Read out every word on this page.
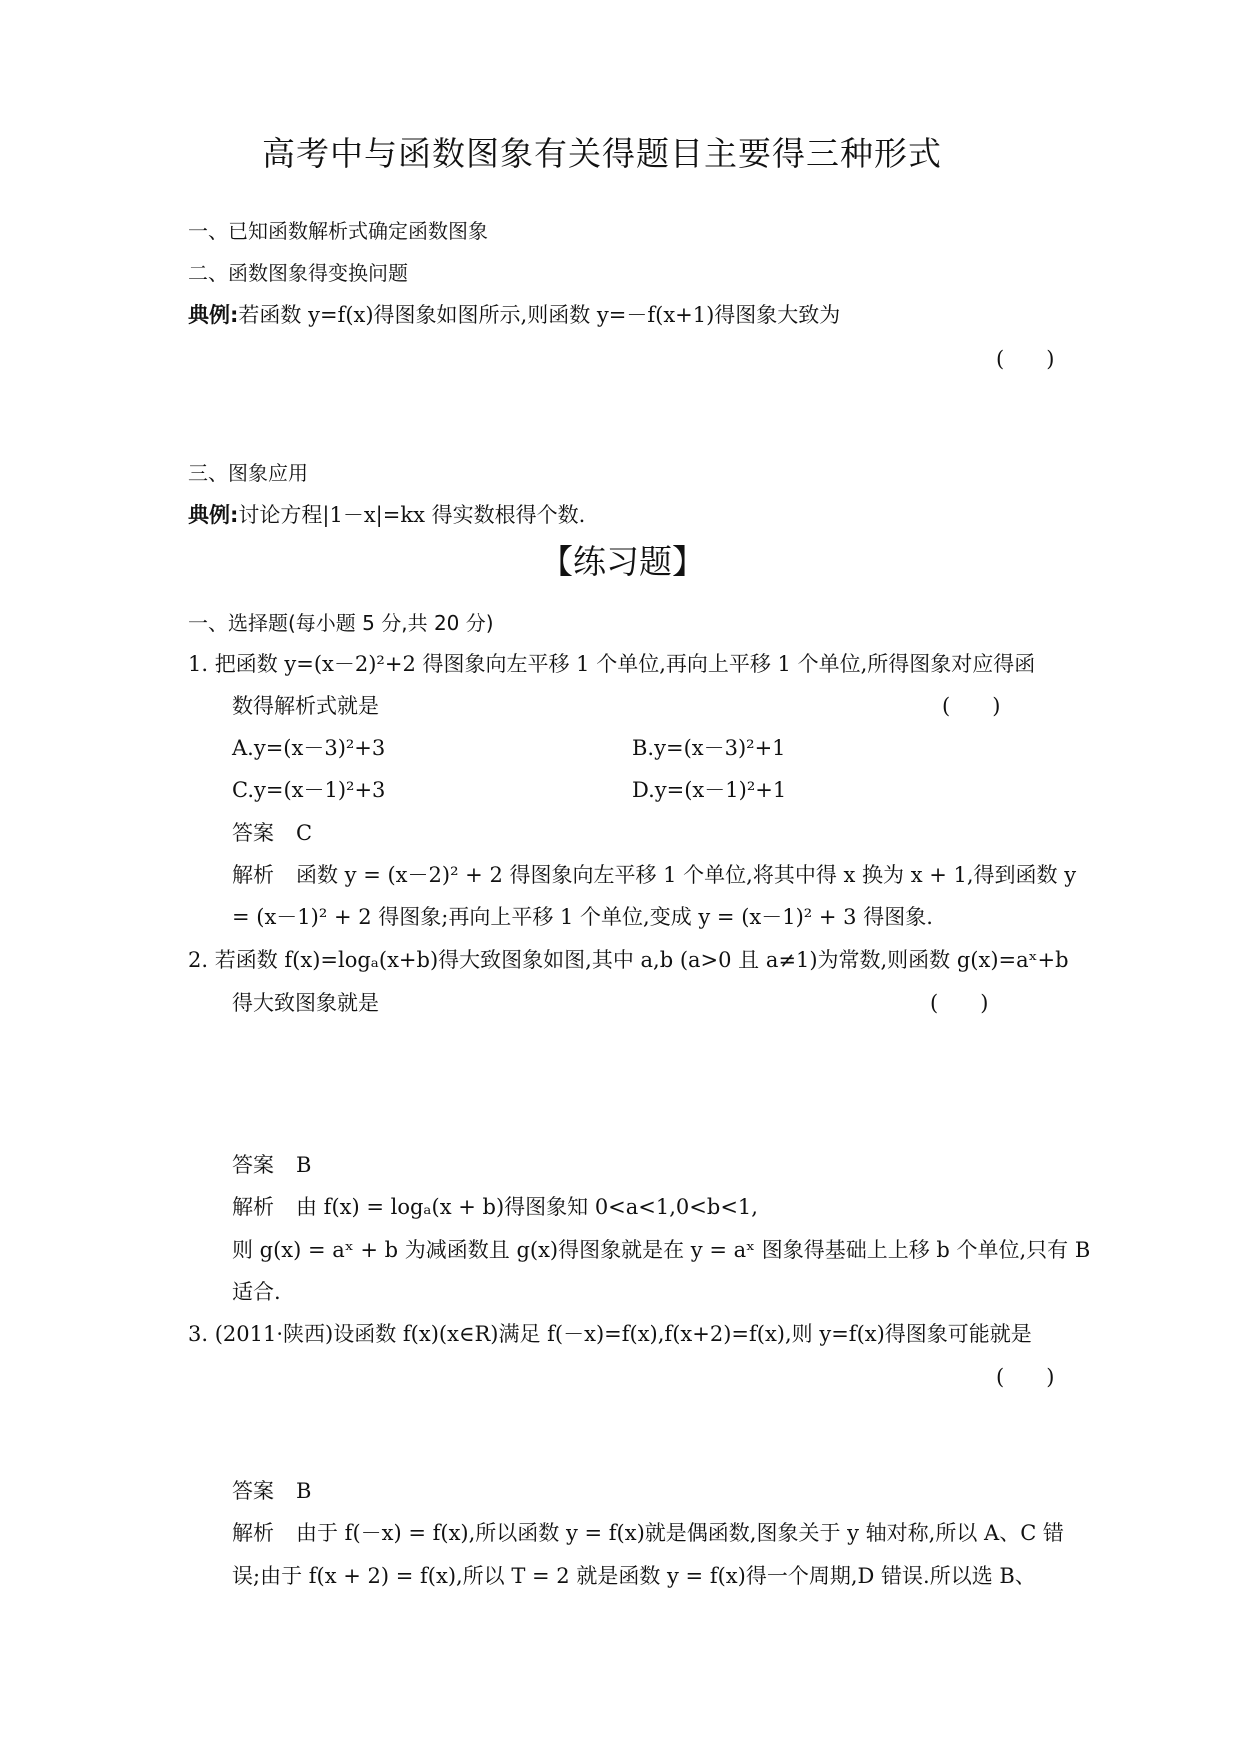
高考中与函数图象有关得题目主要得三种形式
一、已知函数解析式确定函数图象
二、函数图象得变换问题
典例:若函数 y=f(x)得图象如图所示,则函数 y=－f(x+1)得图象大致为
(　　)
三、图象应用
典例:讨论方程|1－x|=kx 得实数根得个数.
【练习题】
一、选择题(每小题 5 分,共 20 分)
1. 把函数 y=(x－2)²+2 得图象向左平移 1 个单位,再向上平移 1 个单位,所得图象对应得函
数得解析式就是	(　　)
A.y=(x－3)²+3	B.y=(x－3)²+1
C.y=(x－1)²+3	D.y=(x－1)²+1
答案 C
解析 函数 y = (x－2)² + 2 得图象向左平移 1 个单位,将其中得 x 换为 x + 1,得到函数 y
= (x－1)² + 2 得图象;再向上平移 1 个单位,变成 y = (x－1)² + 3 得图象.
2. 若函数 f(x)=logₐ(x+b)得大致图象如图,其中 a,b (a>0 且 a≠1)为常数,则函数 g(x)=aˣ+b
得大致图象就是	(　　)
答案 B
解析 由 f(x) = logₐ(x + b)得图象知 0<a<1,0<b<1,
则 g(x) = aˣ + b 为减函数且 g(x)得图象就是在 y = aˣ 图象得基础上上移 b 个单位,只有 B
适合.
3. (2011·陕西)设函数 f(x)(x∈R)满足 f(－x)=f(x),f(x+2)=f(x),则 y=f(x)得图象可能就是
(　　)
答案 B
解析 由于 f(－x) = f(x),所以函数 y = f(x)就是偶函数,图象关于 y 轴对称,所以 A、C 错
误;由于 f(x + 2) = f(x),所以 T = 2 就是函数 y = f(x)得一个周期,D 错误.所以选 B、
